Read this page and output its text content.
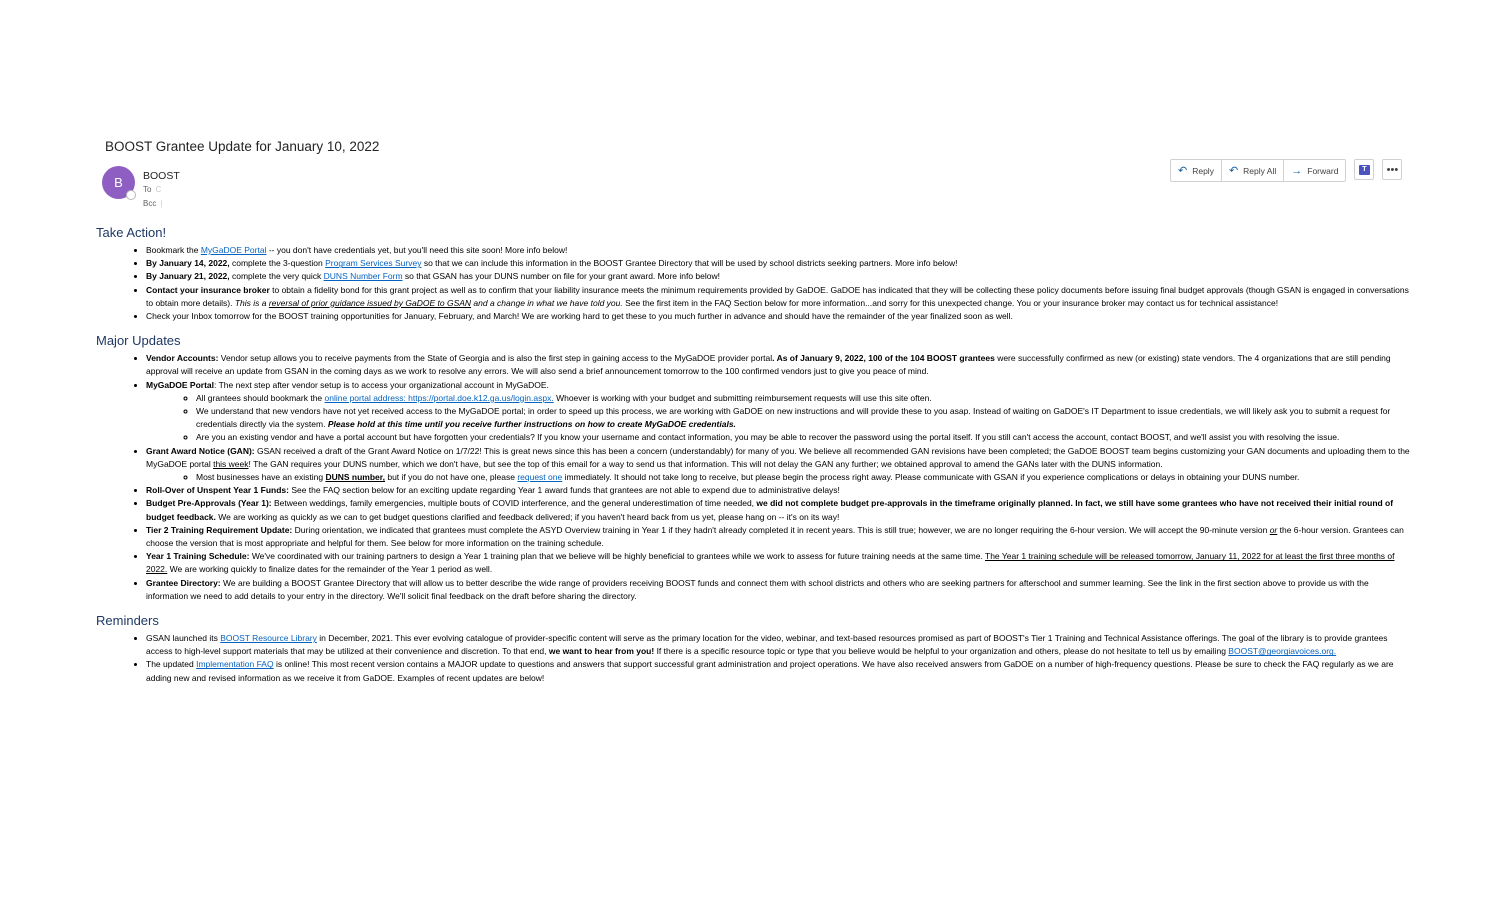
BOOST Grantee Update for January 10, 2022
B BOOST
To C
Bcc |
↶ Reply ↶ Reply All → Forward	T	•••
Take Action!
• Bookmark the MyGaDOE Portal -- you don't have credentials yet, but you'll need this site soon! More info below!
• By January 14, 2022, complete the 3-question Program Services Survey so that we can include this information in the BOOST Grantee Directory that will be used by school districts seeking partners. More info below!
• By January 21, 2022, complete the very quick DUNS Number Form so that GSAN has your DUNS number on file for your grant award. More info below!
• Contact your insurance broker to obtain a fidelity bond for this grant project as well as to confirm that your liability insurance meets the minimum requirements provided by GaDOE. GaDOE has indicated that they will be collecting these policy documents before issuing final budget approvals (though GSAN is engaged in conversations to obtain more details). This is a reversal of prior guidance issued by GaDOE to GSAN and a change in what we have told you. See the first item in the FAQ Section below for more information...and sorry for this unexpected change. You or your insurance broker may contact us for technical assistance!
• Check your Inbox tomorrow for the BOOST training opportunities for January, February, and March! We are working hard to get these to you much further in advance and should have the remainder of the year finalized soon as well.
Major Updates
• Vendor Accounts: Vendor setup allows you to receive payments from the State of Georgia and is also the first step in gaining access to the MyGaDOE provider portal. As of January 9, 2022, 100 of the 104 BOOST grantees were successfully confirmed as new (or existing) state vendors. The 4 organizations that are still pending approval will receive an update from GSAN in the coming days as we work to resolve any errors. We will also send a brief announcement tomorrow to the 100 confirmed vendors just to give you peace of mind.
• MyGaDOE Portal: The next step after vendor setup is to access your organizational account in MyGaDOE.
◦ All grantees should bookmark the online portal address: https://portal.doe.k12.ga.us/login.aspx. Whoever is working with your budget and submitting reimbursement requests will use this site often.
◦ We understand that new vendors have not yet received access to the MyGaDOE portal; in order to speed up this process, we are working with GaDOE on new instructions and will provide these to you asap. Instead of waiting on GaDOE's IT Department to issue credentials, we will likely ask you to submit a request for credentials directly via the system. Please hold at this time until you receive further instructions on how to create MyGaDOE credentials.
◦ Are you an existing vendor and have a portal account but have forgotten your credentials? If you know your username and contact information, you may be able to recover the password using the portal itself. If you still can't access the account, contact BOOST, and we'll assist you with resolving the issue.
• Grant Award Notice (GAN): GSAN received a draft of the Grant Award Notice on 1/7/22! This is great news since this has been a concern (understandably) for many of you. We believe all recommended GAN revisions have been completed; the GaDOE BOOST team begins customizing your GAN documents and uploading them to the MyGaDOE portal this week! The GAN requires your DUNS number, which we don't have, but see the top of this email for a way to send us that information. This will not delay the GAN any further; we obtained approval to amend the GANs later with the DUNS information.
◦ Most businesses have an existing DUNS number, but if you do not have one, please request one immediately. It should not take long to receive, but please begin the process right away. Please communicate with GSAN if you experience complications or delays in obtaining your DUNS number.
• Roll-Over of Unspent Year 1 Funds: See the FAQ section below for an exciting update regarding Year 1 award funds that grantees are not able to expend due to administrative delays!
• Budget Pre-Approvals (Year 1): Between weddings, family emergencies, multiple bouts of COVID interference, and the general underestimation of time needed, we did not complete budget pre-approvals in the timeframe originally planned. In fact, we still have some grantees who have not received their initial round of budget feedback. We are working as quickly as we can to get budget questions clarified and feedback delivered; if you haven't heard back from us yet, please hang on -- it's on its way!
• Tier 2 Training Requirement Update: During orientation, we indicated that grantees must complete the ASYD Overview training in Year 1 if they hadn't already completed it in recent years. This is still true; however, we are no longer requiring the 6-hour version. We will accept the 90-minute version or the 6-hour version. Grantees can choose the version that is most appropriate and helpful for them. See below for more information on the training schedule.
• Year 1 Training Schedule: We've coordinated with our training partners to design a Year 1 training plan that we believe will be highly beneficial to grantees while we work to assess for future training needs at the same time. The Year 1 training schedule will be released tomorrow, January 11, 2022 for at least the first three months of 2022. We are working quickly to finalize dates for the remainder of the Year 1 period as well.
• Grantee Directory: We are building a BOOST Grantee Directory that will allow us to better describe the wide range of providers receiving BOOST funds and connect them with school districts and others who are seeking partners for afterschool and summer learning. See the link in the first section above to provide us with the information we need to add details to your entry in the directory. We'll solicit final feedback on the draft before sharing the directory.
Reminders
• GSAN launched its BOOST Resource Library in December, 2021. This ever evolving catalogue of provider-specific content will serve as the primary location for the video, webinar, and text-based resources promised as part of BOOST's Tier 1 Training and Technical Assistance offerings. The goal of the library is to provide grantees access to high-level support materials that may be utilized at their convenience and discretion. To that end, we want to hear from you! If there is a specific resource topic or type that you believe would be helpful to your organization and others, please do not hesitate to tell us by emailing BOOST@georgiavoices.org.
• The updated Implementation FAQ is online! This most recent version contains a MAJOR update to questions and answers that support successful grant administration and project operations. We have also received answers from GaDOE on a number of high-frequency questions. Please be sure to check the FAQ regularly as we are adding new and revised information as we receive it from GaDOE. Examples of recent updates are below!
